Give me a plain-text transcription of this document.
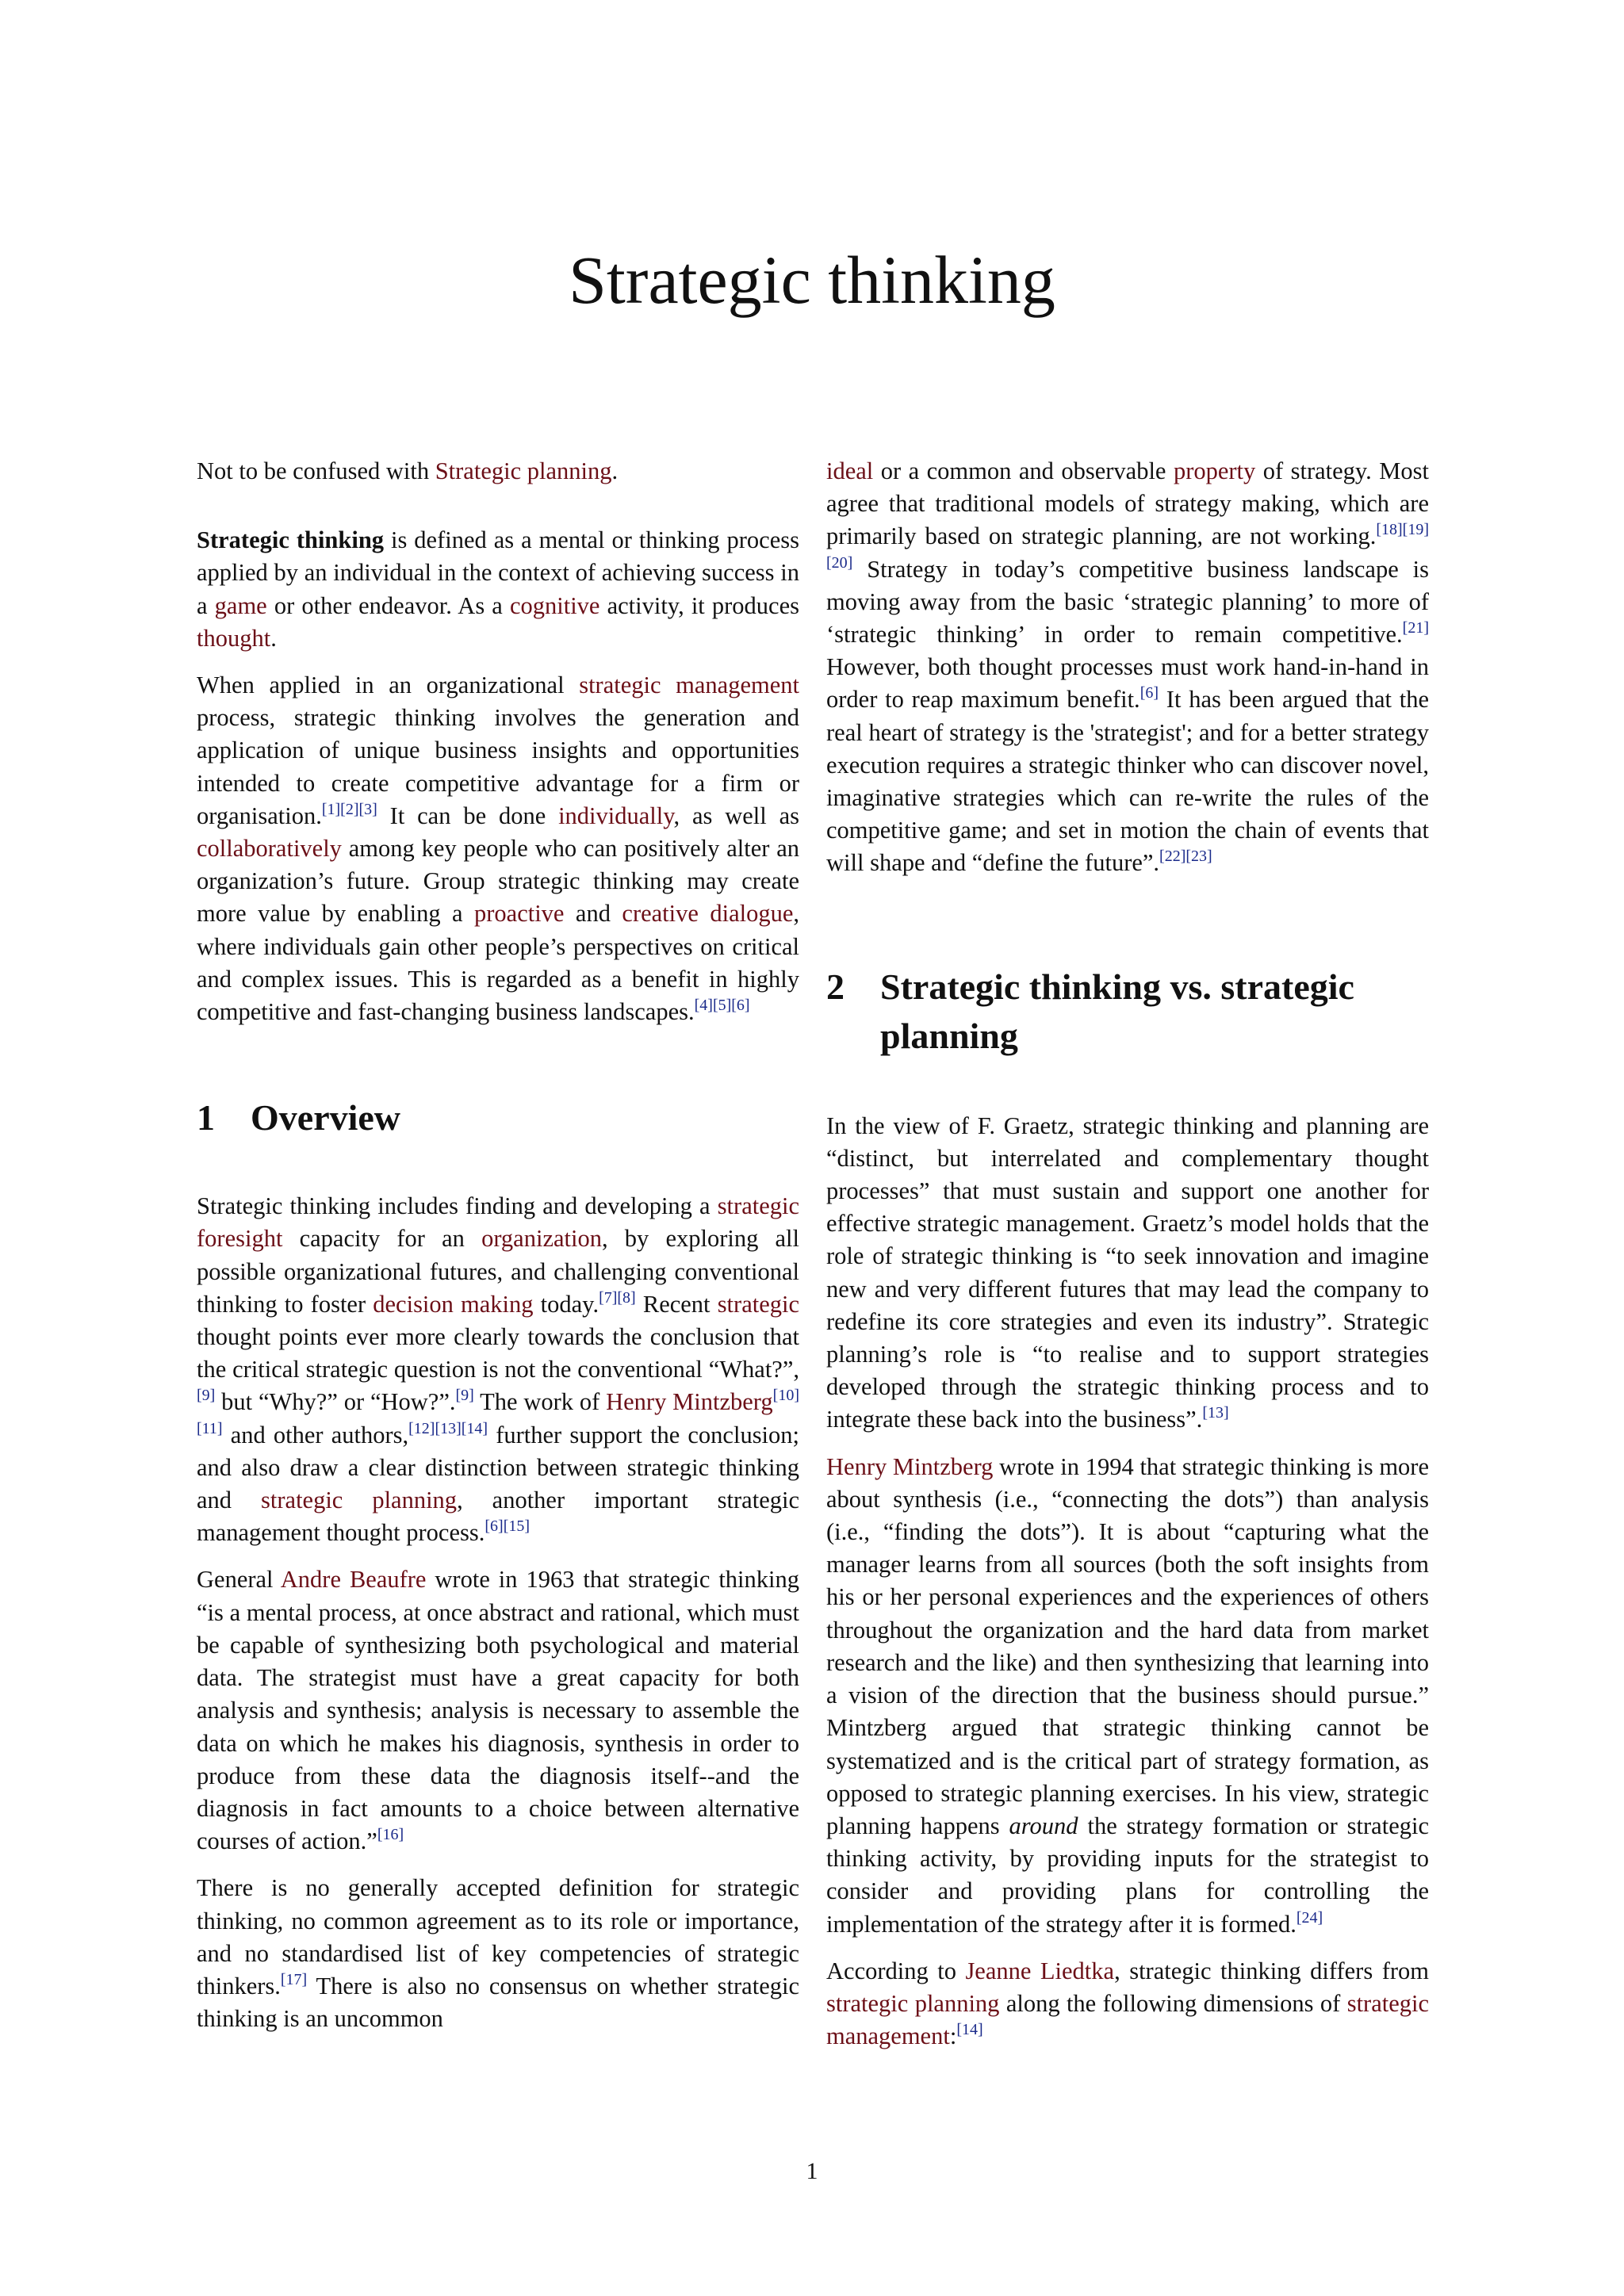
Strategic thinking

Not to be confused with Strategic planning.

Strategic thinking is defined as a mental or thinking process applied by an individual in the context of achieving success in a game or other endeavor. As a cognitive activity, it produces thought.

When applied in an organizational strategic management process, strategic thinking involves the generation and application of unique business insights and opportunities intended to create competitive advantage for a firm or organisation.[1][2][3] It can be done individually, as well as collaboratively among key people who can positively alter an organization’s future. Group strategic thinking may create more value by enabling a proactive and creative dialogue, where individuals gain other people’s perspectives on critical and complex issues. This is regarded as a benefit in highly competitive and fast-changing business landscapes.[4][5][6]

1 Overview

Strategic thinking includes finding and developing a strategic foresight capacity for an organization, by exploring all possible organizational futures, and challenging conventional thinking to foster decision making today.[7][8] Recent strategic thought points ever more clearly towards the conclusion that the critical strategic question is not the conventional “What?”,[9] but “Why?” or “How?”.[9] The work of Henry Mintzberg[10][11] and other authors,[12][13][14] further support the conclusion; and also draw a clear distinction between strategic thinking and strategic planning, another important strategic management thought process.[6][15]

General Andre Beaufre wrote in 1963 that strategic thinking “is a mental process, at once abstract and rational, which must be capable of synthesizing both psychological and material data. The strategist must have a great capacity for both analysis and synthesis; analysis is necessary to assemble the data on which he makes his diagnosis, synthesis in order to produce from these data the diagnosis itself--and the diagnosis in fact amounts to a choice between alternative courses of action.”[16]

There is no generally accepted definition for strategic thinking, no common agreement as to its role or importance, and no standardised list of key competencies of strategic thinkers.[17] There is also no consensus on whether strategic thinking is an uncommon

ideal or a common and observable property of strategy. Most agree that traditional models of strategy making, which are primarily based on strategic planning, are not working.[18][19][20] Strategy in today’s competitive business landscape is moving away from the basic ‘strategic planning’ to more of ‘strategic thinking’ in order to remain competitive.[21] However, both thought processes must work hand-in-hand in order to reap maximum benefit.[6] It has been argued that the real heart of strategy is the 'strategist'; and for a better strategy execution requires a strategic thinker who can discover novel, imaginative strategies which can re-write the rules of the competitive game; and set in motion the chain of events that will shape and “define the future”.[22][23]

2 Strategic thinking vs. strategic planning

In the view of F. Graetz, strategic thinking and planning are “distinct, but interrelated and complementary thought processes” that must sustain and support one another for effective strategic management. Graetz’s model holds that the role of strategic thinking is “to seek innovation and imagine new and very different futures that may lead the company to redefine its core strategies and even its industry”. Strategic planning’s role is “to realise and to support strategies developed through the strategic thinking process and to integrate these back into the business”.[13]

Henry Mintzberg wrote in 1994 that strategic thinking is more about synthesis (i.e., “connecting the dots”) than analysis (i.e., “finding the dots”). It is about “capturing what the manager learns from all sources (both the soft insights from his or her personal experiences and the experiences of others throughout the organization and the hard data from market research and the like) and then synthesizing that learning into a vision of the direction that the business should pursue.” Mintzberg argued that strategic thinking cannot be systematized and is the critical part of strategy formation, as opposed to strategic planning exercises. In his view, strategic planning happens around the strategy formation or strategic thinking activity, by providing inputs for the strategist to consider and providing plans for controlling the implementation of the strategy after it is formed.[24]

According to Jeanne Liedtka, strategic thinking differs from strategic planning along the following dimensions of strategic management:[14]

1
